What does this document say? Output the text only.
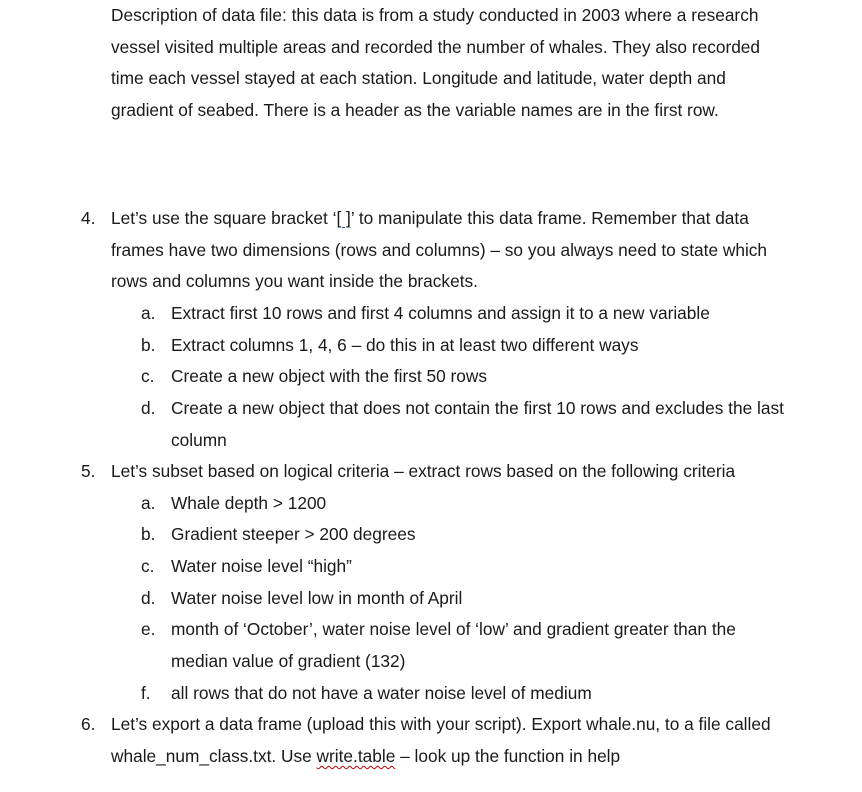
Description of data file: this data is from a study conducted in 2003 where a research
vessel visited multiple areas and recorded the number of whales. They also recorded
time each vessel stayed at each station. Longitude and latitude, water depth and
gradient of seabed. There is a header as the variable names are in the first row.
4. Let’s use the square bracket ‘[ ]’ to manipulate this data frame. Remember that data
frames have two dimensions (rows and columns) – so you always need to state which
rows and columns you want inside the brackets.
a. Extract first 10 rows and first 4 columns and assign it to a new variable
b. Extract columns 1, 4, 6 – do this in at least two different ways
c. Create a new object with the first 50 rows
d. Create a new object that does not contain the first 10 rows and excludes the last
column
5. Let’s subset based on logical criteria – extract rows based on the following criteria
a. Whale depth > 1200
b. Gradient steeper > 200 degrees
c. Water noise level “high”
d. Water noise level low in month of April
e. month of ‘October’, water noise level of ‘low’ and gradient greater than the
median value of gradient (132)
f. all rows that do not have a water noise level of medium
6. Let’s export a data frame (upload this with your script). Export whale.nu, to a file called
whale_num_class.txt. Use write.table – look up the function in help
